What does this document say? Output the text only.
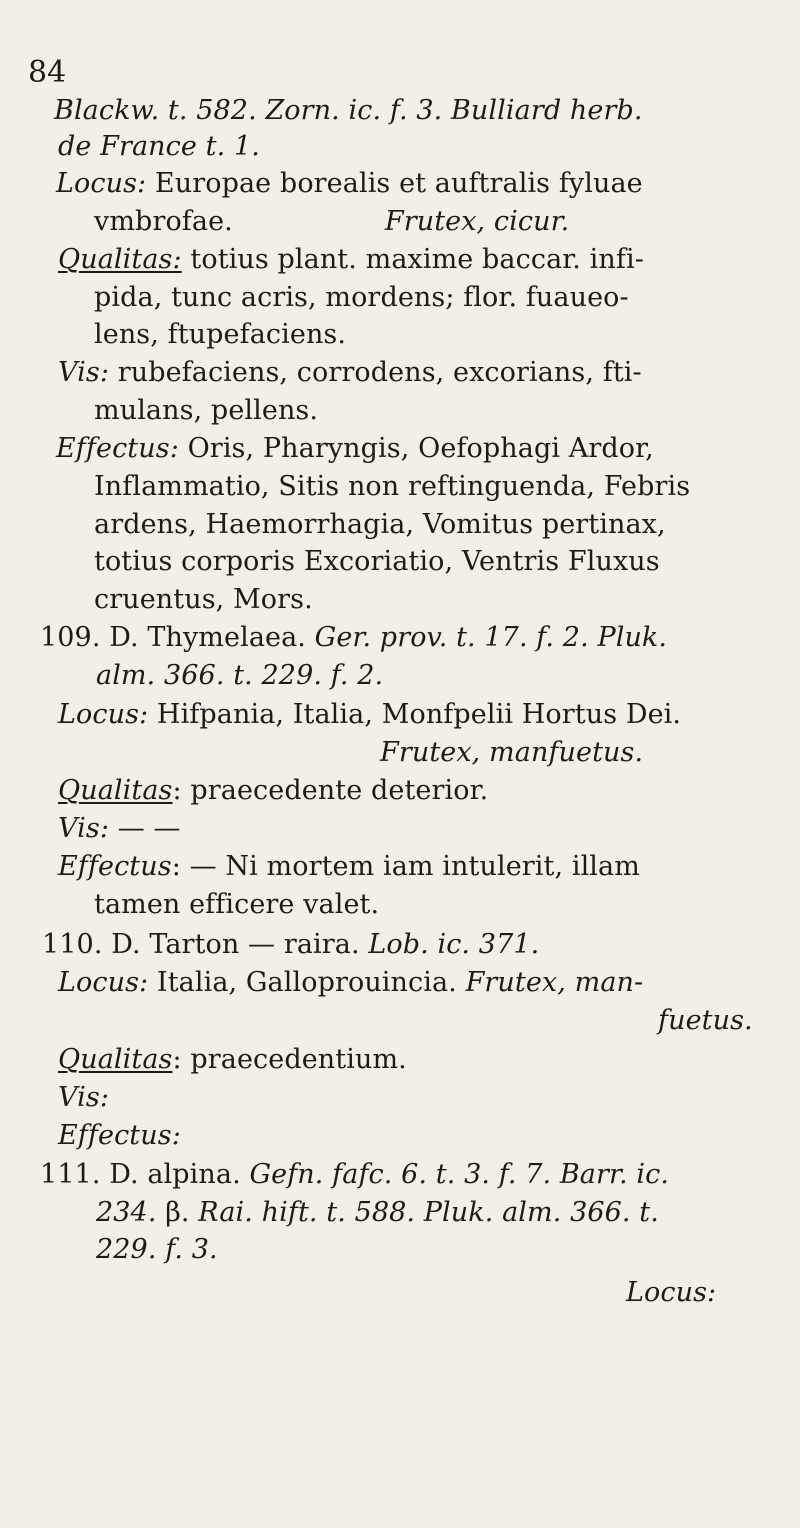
84
Blackw. t. 582. Zorn. ic. f. 3. Bulliard herb.
de France t. 1.
Locus: Europae borealis et auftralis fyluae
vmbrofae.	Frutex, cicur.
Qualitas: totius plant. maxime baccar. infi-
pida, tunc acris, mordens; flor. fuaueo-
lens, ftupefaciens.
Vis: rubefaciens, corrodens, excorians, fti-
mulans, pellens.
Effectus: Oris, Pharyngis, Oefophagi Ardor,
Inflammatio, Sitis non reftinguenda, Febris
ardens, Haemorrhagia, Vomitus pertinax,
totius corporis Excoriatio, Ventris Fluxus
cruentus, Mors.
109. D. Thymelaea. Ger. prov. t. 17. f. 2. Pluk.
alm. 366. t. 229. f. 2.
Locus: Hifpania, Italia, Monfpelii Hortus Dei.
Frutex, manfuetus.
Qualitas: praecedente deterior.
Vis: — —
Effectus: — Ni mortem iam intulerit, illam
tamen efficere valet.
110. D. Tarton — raira. Lob. ic. 371.
Locus: Italia, Galloprouincia. Frutex, man-
fuetus.
Qualitas: praecedentium.
Vis:
Effectus:
111. D. alpina. Gefn. fafc. 6. t. 3. f. 7. Barr. ic.
234. β. Rai. hift. t. 588. Pluk. alm. 366. t.
229. f. 3.
Locus:
